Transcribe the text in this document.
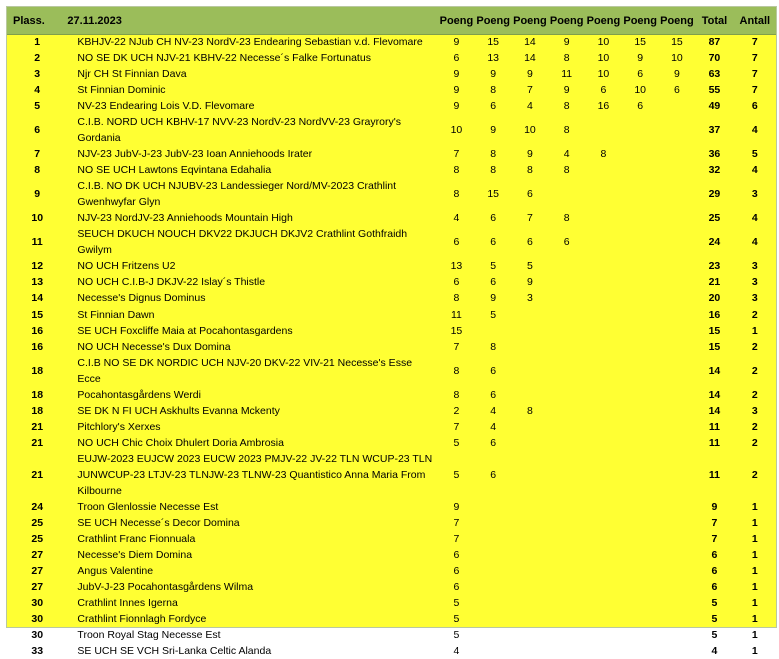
Plass.	27.11.2023	Poeng	Poeng	Poeng	Poeng	Poeng	Poeng	Poeng	Total	Antall
1	KBHJV-22 NJub CH NV-23 NordV-23 Endearing Sebastian v.d. Flevomare	9	15	14	9	10	15	15	87	7
2	NO SE DK UCH NJV-21 KBHV-22 Necesse´s Falke Fortunatus	6	13	14	8	10	9	10	70	7
3	Njr CH St Finnian Dava	9	9	9	11	10	6	9	63	7
4	St Finnian Dominic	9	8	7	9	6	10	6	55	7
5	NV-23 Endearing Lois V.D. Flevomare	9	6	4	8	16	6		49	6
6	C.I.B. NORD UCH KBHV-17 NVV-23 NordV-23 NordVV-23 Grayrory's Gordania	10	9	10	8				37	4
7	NJV-23 JubV-J-23 JubV-23 Ioan Anniehoods Irater	7	8	9	4	8			36	5
8	NO SE UCH Lawtons Eqvintana Edahalia	8	8	8	8				32	4
9	C.I.B. NO DK UCH NJUBV-23 Landessieger Nord/MV-2023 Crathlint Gwenhwyfar Glyn	8	15	6					29	3
10	NJV-23 NordJV-23 Anniehoods Mountain High	4	6	7	8				25	4
11	SEUCH DKUCH NOUCH DKV22 DKJUCH DKJV2 Crathlint Gothfraidh Gwilym	6	6	6	6				24	4
12	NO UCH Fritzens U2	13	5	5					23	3
13	NO UCH C.I.B-J DKJV-22 Islay´s Thistle	6	6	9					21	3
14	Necesse's Dignus Dominus	8	9	3					20	3
15	St Finnian Dawn	11	5						16	2
16	SE UCH Foxcliffe Maia at Pocahontasgardens	15							15	1
16	NO UCH Necesse's Dux Domina	7	8						15	2
18	C.I.B NO SE DK NORDIC UCH NJV-20 DKV-22 VIV-21 Necesse's Esse Ecce	8	6						14	2
18	Pocahontasgårdens Werdi	8	6						14	2
18	SE DK N FI UCH Askhults Evanna Mckenty	2	4	8					14	3
21	Pitchlory's Xerxes	7	4						11	2
21	NO UCH Chic Choix Dhulert Doria Ambrosia	5	6						11	2
21	EUJW-2023 EUJCW 2023 EUCW 2023 PMJV-22 JV-22 TLN WCUP-23 TLN JUNWCUP-23 LTJV-23 TLNJW-23 TLNW-23 Quantistico Anna Maria From Kilbourne	5	6						11	2
24	Troon Glenlossie Necesse Est	9							9	1
25	SE UCH Necesse´s Decor Domina	7							7	1
25	Crathlint Franc Fionnuala	7							7	1
27	Necesse's Diem Domina	6							6	1
27	Angus Valentine	6							6	1
27	JubV-J-23 Pocahontasgårdens Wilma	6							6	1
30	Crathlint Innes Igerna	5							5	1
30	Crathlint Fionnlagh Fordyce	5							5	1
30	Troon Royal Stag Necesse Est	5							5	1
33	SE UCH SE VCH Sri-Lanka Celtic Alanda	4							4	1
